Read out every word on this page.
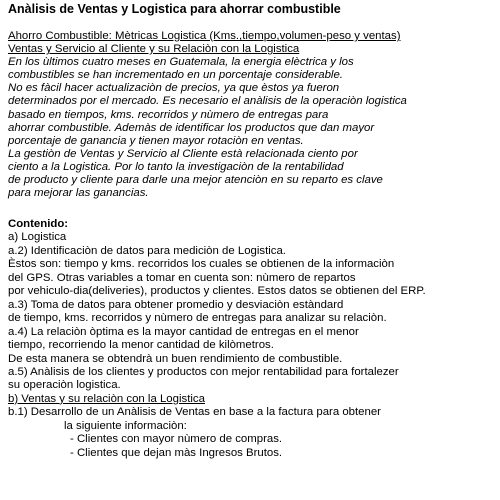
Anàlisis de Ventas y Logistica para ahorrar combustible
Ahorro Combustible: Mètricas Logistica (Kms.,tiempo,volumen-peso y ventas)
Ventas y Servicio al Cliente y su Relaciòn con la Logistica
En los ùltimos cuatro meses en Guatemala, la energia elèctrica y los
combustibles se han incrementado en un porcentaje considerable.
No es fàcil hacer actualizaciòn de precios, ya que èstos ya fueron
determinados por el mercado. Es necesario el anàlisis de la operaciòn logistica
basado en tiempos, kms. recorridos y nùmero de entregas para
ahorrar combustible. Ademàs de identificar los productos que dan mayor
porcentaje de ganancia y tienen mayor rotaciòn en ventas.
La gestiòn de Ventas y Servicio al Cliente està relacionada ciento por
ciento a la Logistica. Por lo tanto la investigaciòn de la rentabilidad
de producto y cliente para darle una mejor atenciòn en su reparto es clave
para mejorar las ganancias.
Contenido:
a) Logistica
a.2) Identificaciòn de datos para mediciòn de Logistica.
Èstos son: tiempo y kms. recorridos los cuales se obtienen de la informaciòn
del GPS. Otras variables a tomar en cuenta son: nùmero de repartos
por vehiculo-dia(deliveries), productos y clientes. Estos datos se obtienen del ERP.
a.3) Toma de datos para obtener promedio y desviaciòn estàndard
de tiempo, kms. recorridos y nùmero de entregas para analizar su relaciòn.
a.4) La relaciòn òptima es la mayor cantidad de entregas en el menor
tiempo, recorriendo la menor cantidad de kilòmetros.
De esta manera se obtendrà un buen rendimiento de combustible.
a.5) Anàlisis de los clientes y productos con mejor rentabilidad para fortalezer
su operaciòn logistica.
b) Ventas y su relaciòn con la Logistica
b.1) Desarrollo de un Anàlisis de Ventas en base a la factura para obtener
la siguiente informaciòn:
- Clientes con mayor nùmero de compras.
- Clientes que dejan màs Ingresos Brutos.
